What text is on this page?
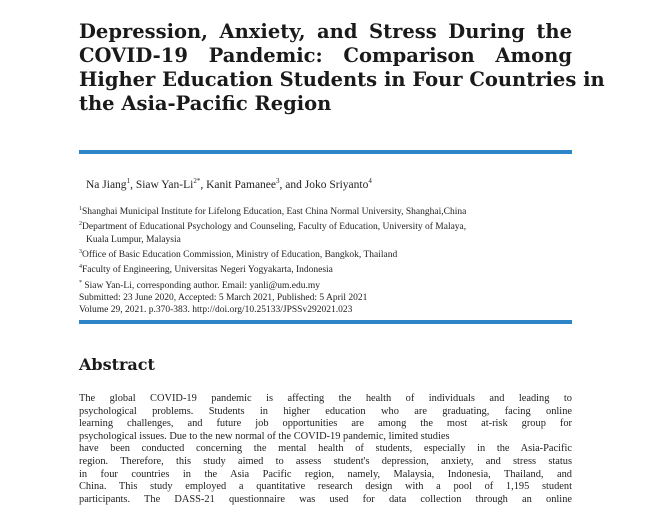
Depression, Anxiety, and Stress During the
COVID-19 Pandemic: Comparison Among
Higher Education Students in Four Countries in
the Asia-Pacific Region
Na Jiang$^1$, Siaw Yan-$Li^{2*}$, Kanit Pamanee$^3$, and Joko Sriyanto$^4$
$^1$Shanghai Municipal Institute for Lifelong Education, East China Normal University, Shanghai,China
$^2$Department of Educational Psychology and Counseling, Faculty of Education, University of Malaya,
Kuala Lumpur, Malaysia
$^3$Office of Basic Education Commission, Ministry of Education, Bangkok, Thailand
$^4$Faculty of Engineering, Universitas Negeri Yogyakarta, Indonesia
* Siaw Yan-Li, corresponding author. Email: yanli@um.edu.my
Submitted: 23 June 2020, Accepted: 5 March 2021, Published: 5 April 2021
Volume 29, 2021. p.370-383. http://doi.org/10.25133/JPSSv292021.023
Abstract
The global COVID-19 pandemic is affecting the health of individuals and leading to
psychological problems. Students in higher education who are graduating, facing online
learning challenges, and future job opportunities are among the most at-risk group for
psychological issues. Due to the new normal of the COVID-19 pandemic, limited studies
have been conducted concerning the mental health of students, especially in the Asia-Pacific
region. Therefore, this study aimed to assess student's depression, anxiety, and stress status
in four countries in the Asia Pacific region, namely, Malaysia, Indonesia, Thailand, and
China. This study employed a quantitative research design with a pool of 1,195 student
participants. The DASS-21 questionnaire was used for data collection through an online
